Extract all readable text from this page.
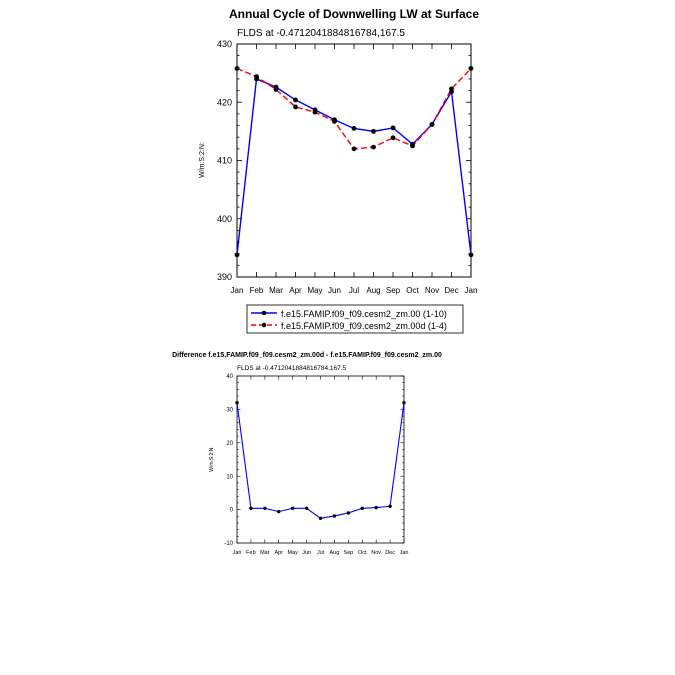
Annual Cycle of Downwelling LW at Surface
FLDS at -0.4712041884816784,167.5
W/m:S:2:N:
390
400
410
420
430
Jan Feb Mar Apr May Jun Jul Aug Sep Oct Nov Dec Jan
f.e15.FAMIP.f09_f09.cesm2_zm.00 (1-10)
f.e15.FAMIP.f09_f09.cesm2_zm.00d (1-4)
Difference f.e15.FAMIP.f09_f09.cesm2_zm.00d - f.e15.FAMIP.f09_f09.cesm2_zm.00
FLDS at -0.4712041884816784,167.5
W/m:S:2:N:
-10
0
10
20
30
40
Jan Feb Mar Apr May Jun Jul Aug Sep Oct Nov Dec Jan
